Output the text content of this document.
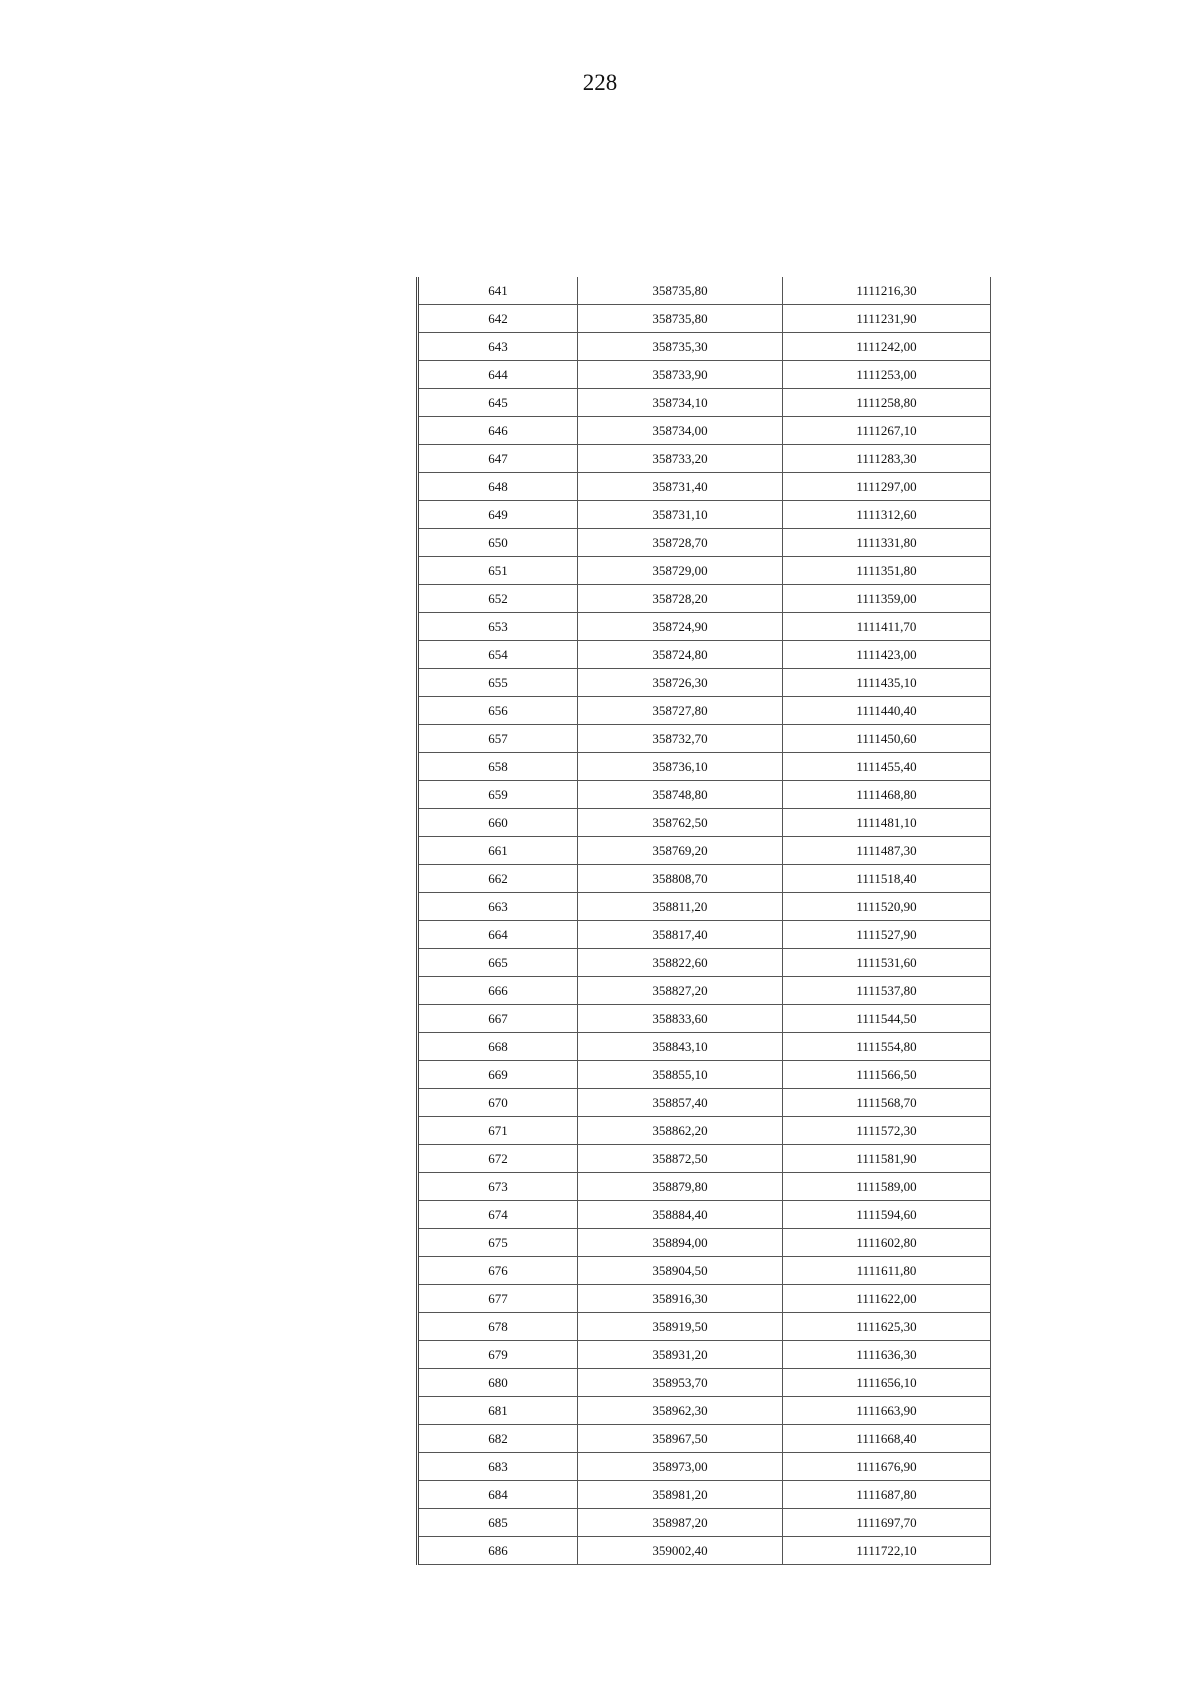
228
641	358735,80	1111216,30
642	358735,80	1111231,90
643	358735,30	1111242,00
644	358733,90	1111253,00
645	358734,10	1111258,80
646	358734,00	1111267,10
647	358733,20	1111283,30
648	358731,40	1111297,00
649	358731,10	1111312,60
650	358728,70	1111331,80
651	358729,00	1111351,80
652	358728,20	1111359,00
653	358724,90	1111411,70
654	358724,80	1111423,00
655	358726,30	1111435,10
656	358727,80	1111440,40
657	358732,70	1111450,60
658	358736,10	1111455,40
659	358748,80	1111468,80
660	358762,50	1111481,10
661	358769,20	1111487,30
662	358808,70	1111518,40
663	358811,20	1111520,90
664	358817,40	1111527,90
665	358822,60	1111531,60
666	358827,20	1111537,80
667	358833,60	1111544,50
668	358843,10	1111554,80
669	358855,10	1111566,50
670	358857,40	1111568,70
671	358862,20	1111572,30
672	358872,50	1111581,90
673	358879,80	1111589,00
674	358884,40	1111594,60
675	358894,00	1111602,80
676	358904,50	1111611,80
677	358916,30	1111622,00
678	358919,50	1111625,30
679	358931,20	1111636,30
680	358953,70	1111656,10
681	358962,30	1111663,90
682	358967,50	1111668,40
683	358973,00	1111676,90
684	358981,20	1111687,80
685	358987,20	1111697,70
686	359002,40	1111722,10
